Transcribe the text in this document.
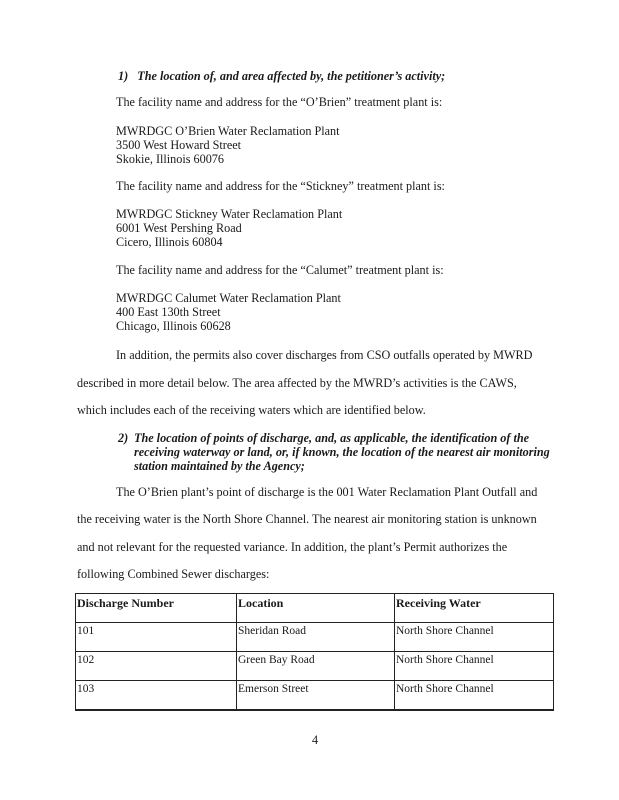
1) The location of, and area affected by, the petitioner’s activity;
The facility name and address for the “O’Brien” treatment plant is:
MWRDGC O’Brien Water Reclamation Plant
3500 West Howard Street
Skokie, Illinois 60076
The facility name and address for the “Stickney” treatment plant is:
MWRDGC Stickney Water Reclamation Plant
6001 West Pershing Road
Cicero, Illinois 60804
The facility name and address for the “Calumet” treatment plant is:
MWRDGC Calumet Water Reclamation Plant
400 East 130th Street
Chicago, Illinois 60628
In addition, the permits also cover discharges from CSO outfalls operated by MWRD
described in more detail below. The area affected by the MWRD’s activities is the CAWS,
which includes each of the receiving waters which are identified below.
2) The location of points of discharge, and, as applicable, the identification of the
receiving waterway or land, or, if known, the location of the nearest air monitoring
station maintained by the Agency;
The O’Brien plant’s point of discharge is the 001 Water Reclamation Plant Outfall and
the receiving water is the North Shore Channel. The nearest air monitoring station is unknown
and not relevant for the requested variance. In addition, the plant’s Permit authorizes the
following Combined Sewer discharges:
Discharge Number	Location	Receiving Water
101	Sheridan Road	North Shore Channel
102	Green Bay Road	North Shore Channel
103	Emerson Street	North Shore Channel
4
